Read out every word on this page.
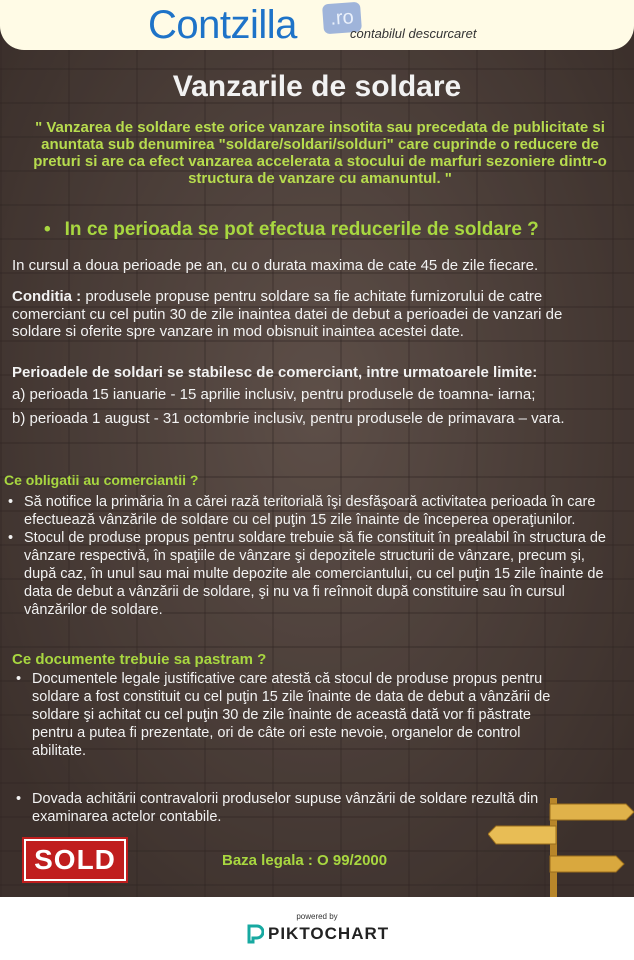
Contzilla	.ro
contabilul descurcaret
Vanzarile de soldare
" Vanzarea de soldare este orice vanzare insotita sau precedata de publicitate si anuntata sub denumirea "soldare/soldari/solduri" care cuprinde o reducere de preturi si are ca efect vanzarea accelerata a stocului de marfuri sezoniere dintr-o structura de vanzare cu amanuntul. "
• In ce perioada se pot efectua reducerile de soldare ?
In cursul a doua perioade pe an, cu o durata maxima de cate 45 de zile fiecare.
Conditia : produsele propuse pentru soldare sa fie achitate furnizorului de catre comerciant cu cel putin 30 de zile inaintea datei de debut a perioadei de vanzari de soldare si oferite spre vanzare in mod obisnuit inaintea acestei date.
Perioadele de soldari se stabilesc de comerciant, intre urmatoarele limite:
a) perioada 15 ianuarie - 15 aprilie inclusiv, pentru produsele de toamna- iarna;
b) perioada 1 august - 31 octombrie inclusiv, pentru produsele de primavara – vara.
Ce obligatii au comerciantii ?
• Să notifice la primăria în a cărei rază teritorială îşi desfăşoară activitatea perioada în care efectuează vânzările de soldare cu cel puţin 15 zile înainte de începerea operaţiunilor.
• Stocul de produse propus pentru soldare trebuie să fie constituit în prealabil în structura de vânzare respectivă, în spaţiile de vânzare şi depozitele structurii de vânzare, precum şi, după caz, în unul sau mai multe depozite ale comerciantului, cu cel puţin 15 zile înainte de data de debut a vânzării de soldare, şi nu va fi reînnoit după constituire sau în cursul vânzărilor de soldare.
Ce documente trebuie sa pastram ?
• Documentele legale justificative care atestă că stocul de produse propus pentru soldare a fost constituit cu cel puţin 15 zile înainte de data de debut a vânzării de soldare şi achitat cu cel puţin 30 de zile înainte de această dată vor fi păstrate pentru a putea fi prezentate, ori de câte ori este nevoie, organelor de control abilitate.
• Dovada achitării contravalorii produselor supuse vânzării de soldare rezultă din examinarea actelor contabile.
SOLD	Baza legala : O 99/2000
powered by
PIKTOCHART
